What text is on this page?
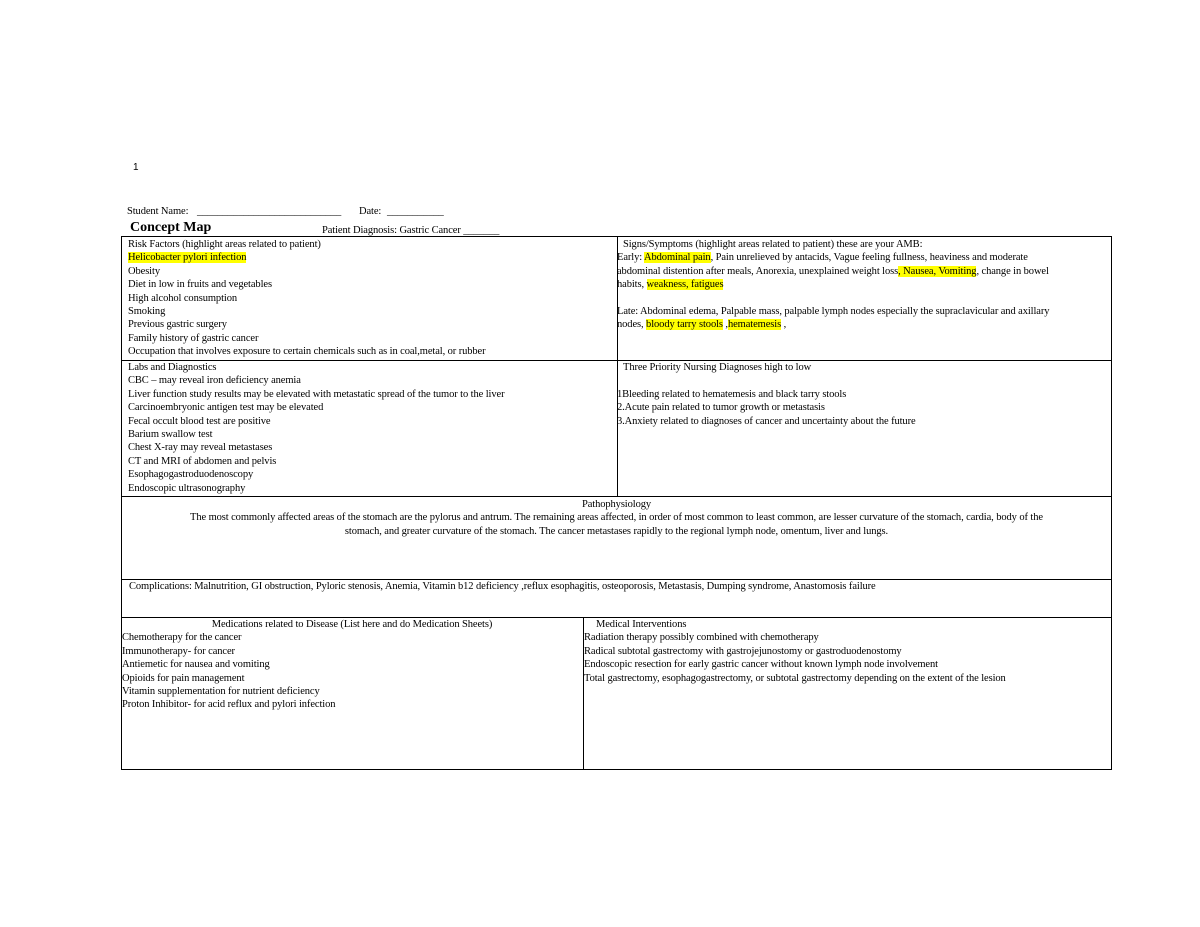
1
Student Name: ____________________________ Date: ___________
Concept Map	Patient Diagnosis: Gastric Cancer _______
Risk Factors (highlight areas related to patient)
Helicobacter pylori infection
Obesity
Diet in low in fruits and vegetables
High alcohol consumption
Smoking
Previous gastric surgery
Family history of gastric cancer
Occupation that involves exposure to certain chemicals such as in coal,metal, or rubber
Signs/Symptoms (highlight areas related to patient) these are your AMB:
Early: Abdominal pain, Pain unrelieved by antacids, Vague feeling fullness, heaviness and moderate
abdominal distention after meals, Anorexia, unexplained weight loss, Nausea, Vomiting, change in bowel
habits, weakness, fatigues
Late: Abdominal edema, Palpable mass, palpable lymph nodes especially the supraclavicular and axillary
nodes, bloody tarry stools ,hematemesis ,
Labs and Diagnostics
CBC – may reveal iron deficiency anemia
Liver function study results may be elevated with metastatic spread of the tumor to the liver
Carcinoembryonic antigen test may be elevated
Fecal occult blood test are positive
Barium swallow test
Chest X-ray may reveal metastases
CT and MRI of abdomen and pelvis
Esophagogastroduodenoscopy
Endoscopic ultrasonography
Three Priority Nursing Diagnoses high to low
1Bleeding related to hematemesis and black tarry stools
2.Acute pain related to tumor growth or metastasis
3.Anxiety related to diagnoses of cancer and uncertainty about the future
Pathophysiology
The most commonly affected areas of the stomach are the pylorus and antrum. The remaining areas affected, in order of most common to least common, are lesser curvature of the stomach, cardia, body of the
stomach, and greater curvature of the stomach. The cancer metastases rapidly to the regional lymph node, omentum, liver and lungs.
Complications: Malnutrition, GI obstruction, Pyloric stenosis, Anemia, Vitamin b12 deficiency ,reflux esophagitis, osteoporosis, Metastasis, Dumping syndrome, Anastomosis failure
Medications related to Disease (List here and do Medication Sheets)
Chemotherapy for the cancer
Immunotherapy- for cancer
Antiemetic for nausea and vomiting
Opioids for pain management
Vitamin supplementation for nutrient deficiency
Proton Inhibitor- for acid reflux and pylori infection
Medical Interventions
Radiation therapy possibly combined with chemotherapy
Radical subtotal gastrectomy with gastrojejunostomy or gastroduodenostomy
Endoscopic resection for early gastric cancer without known lymph node involvement
Total gastrectomy, esophagogastrectomy, or subtotal gastrectomy depending on the extent of the lesion
